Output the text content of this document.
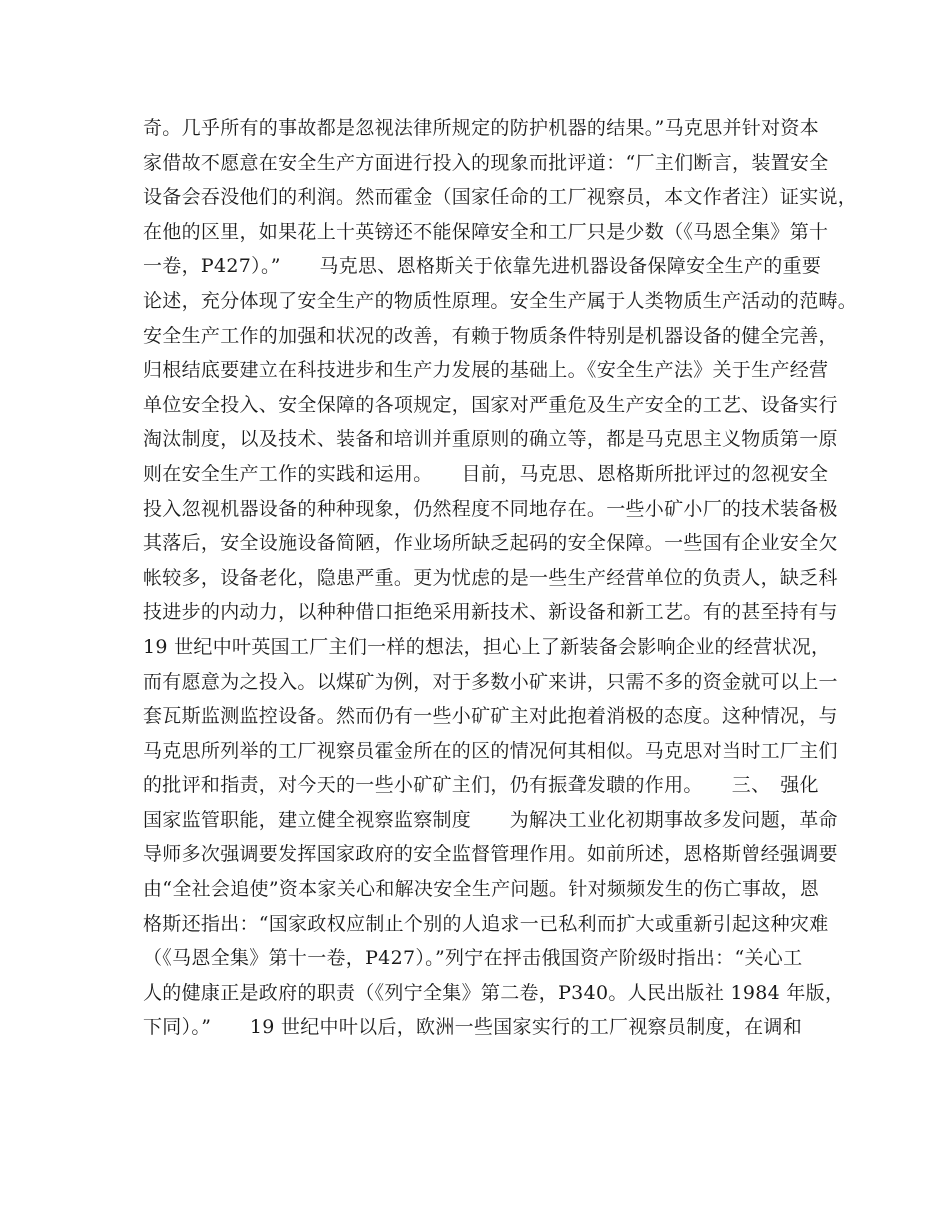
奇。几乎所有的事故都是忽视法律所规定的防护机器的结果。”马克思并针对资本
家借故不愿意在安全生产方面进行投入的现象而批评道：“厂主们断言，装置安全
设备会吞没他们的利润。然而霍金（国家任命的工厂视察员，本文作者注）证实说，
在他的区里，如果花上十英镑还不能保障安全和工厂只是少数（《马恩全集》第十
一卷，P427）。”　　马克思、恩格斯关于依靠先进机器设备保障安全生产的重要
论述，充分体现了安全生产的物质性原理。安全生产属于人类物质生产活动的范畴。
安全生产工作的加强和状况的改善，有赖于物质条件特别是机器设备的健全完善，
归根结底要建立在科技进步和生产力发展的基础上。《安全生产法》关于生产经营
单位安全投入、安全保障的各项规定，国家对严重危及生产安全的工艺、设备实行
淘汰制度，以及技术、装备和培训并重原则的确立等，都是马克思主义物质第一原
则在安全生产工作的实践和运用。　　目前，马克思、恩格斯所批评过的忽视安全
投入忽视机器设备的种种现象，仍然程度不同地存在。一些小矿小厂的技术装备极
其落后，安全设施设备简陋，作业场所缺乏起码的安全保障。一些国有企业安全欠
帐较多，设备老化，隐患严重。更为忧虑的是一些生产经营单位的负责人，缺乏科
技进步的内动力，以种种借口拒绝采用新技术、新设备和新工艺。有的甚至持有与
19 世纪中叶英国工厂主们一样的想法，担心上了新装备会影响企业的经营状况，
而有愿意为之投入。以煤矿为例，对于多数小矿来讲，只需不多的资金就可以上一
套瓦斯监测监控设备。然而仍有一些小矿矿主对此抱着消极的态度。这种情况，与
马克思所列举的工厂视察员霍金所在的区的情况何其相似。马克思对当时工厂主们
的批评和指责，对今天的一些小矿矿主们，仍有振聋发聩的作用。　　三、　强化
国家监管职能，建立健全视察监察制度　　为解决工业化初期事故多发问题，革命
导师多次强调要发挥国家政府的安全监督管理作用。如前所述，恩格斯曾经强调要
由“全社会追使”资本家关心和解决安全生产问题。针对频频发生的伤亡事故，恩
格斯还指出：“国家政权应制止个别的人追求一已私利而扩大或重新引起这种灾难
（《马恩全集》第十一卷，P427）。”列宁在抨击俄国资产阶级时指出：“关心工
人的健康正是政府的职责（《列宁全集》第二卷，P340。人民出版社 1984 年版，
下同）。”　　19 世纪中叶以后，欧洲一些国家实行的工厂视察员制度，在调和
